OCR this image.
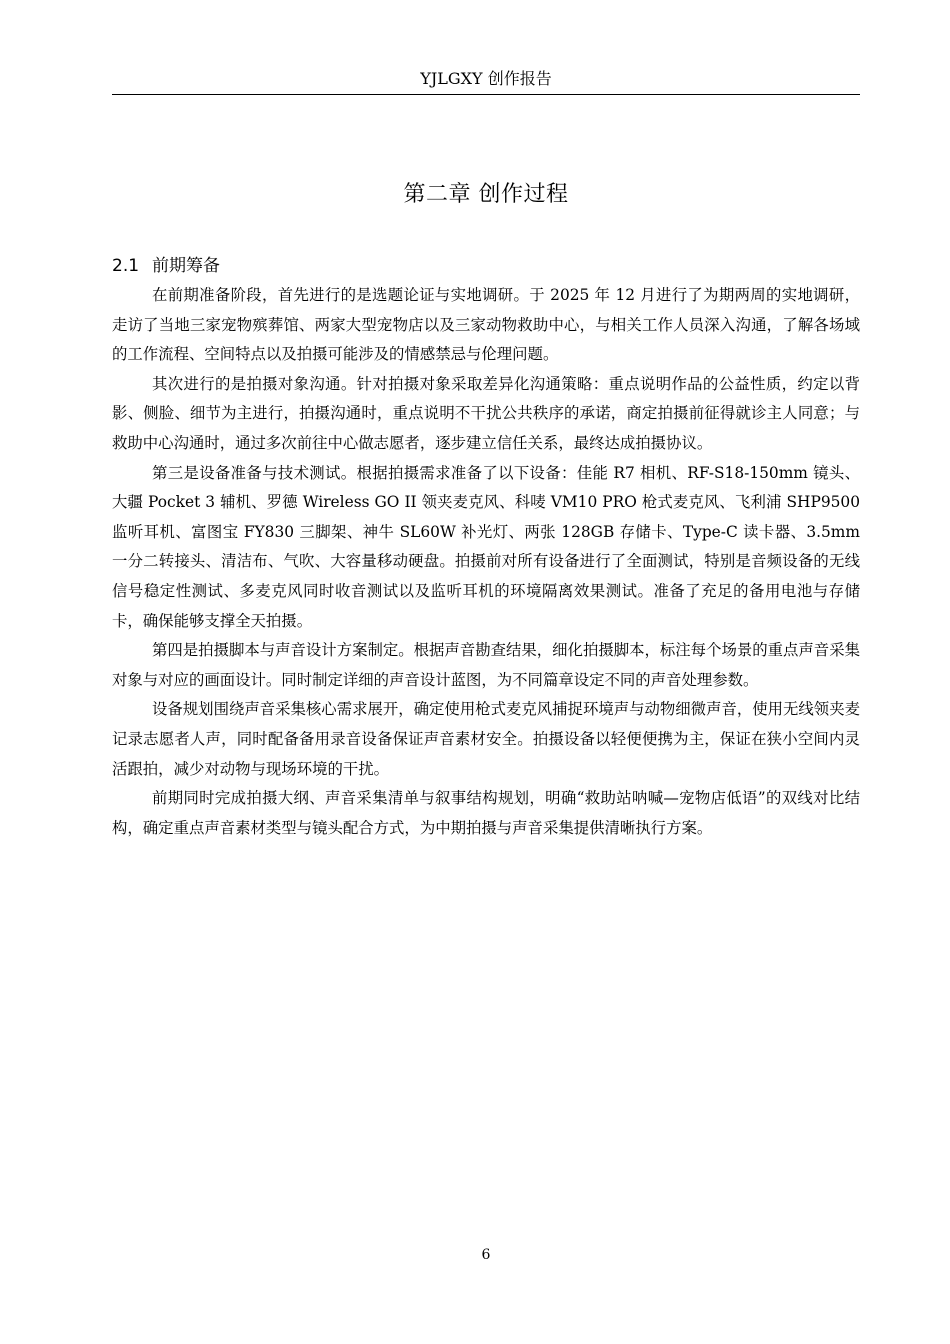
YJLGXY 创作报告
第二章 创作过程
2.1 前期筹备

在前期准备阶段，首先进行的是选题论证与实地调研。于 2025 年 12 月进行了为期两周的实地调研，走访了当地三家宠物殡葬馆、两家大型宠物店以及三家动物救助中心，与相关工作人员深入沟通，了解各场域的工作流程、空间特点以及拍摄可能涉及的情感禁忌与伦理问题。

其次进行的是拍摄对象沟通。针对拍摄对象采取差异化沟通策略：重点说明作品的公益性质，约定以背影、侧脸、细节为主进行，拍摄沟通时，重点说明不干扰公共秩序的承诺，商定拍摄前征得就诊主人同意；与救助中心沟通时，通过多次前往中心做志愿者，逐步建立信任关系，最终达成拍摄协议。

第三是设备准备与技术测试。根据拍摄需求准备了以下设备：佳能 R7 相机、RF-S18-150mm 镜头、大疆 Pocket 3 辅机、罗德 Wireless GO II 领夹麦克风、科唛 VM10 PRO 枪式麦克风、飞利浦 SHP9500 监听耳机、富图宝 FY830 三脚架、神牛 SL60W 补光灯、两张 128GB 存储卡、Type-C 读卡器、3.5mm 一分二转接头、清洁布、气吹、大容量移动硬盘。拍摄前对所有设备进行了全面测试，特别是音频设备的无线信号稳定性测试、多麦克风同时收音测试以及监听耳机的环境隔离效果测试。准备了充足的备用电池与存储卡，确保能够支撑全天拍摄。

第四是拍摄脚本与声音设计方案制定。根据声音勘查结果，细化拍摄脚本，标注每个场景的重点声音采集对象与对应的画面设计。同时制定详细的声音设计蓝图，为不同篇章设定不同的声音处理参数。

设备规划围绕声音采集核心需求展开，确定使用枪式麦克风捕捉环境声与动物细微声音，使用无线领夹麦记录志愿者人声，同时配备备用录音设备保证声音素材安全。拍摄设备以轻便便携为主，保证在狭小空间内灵活跟拍，减少对动物与现场环境的干扰。

前期同时完成拍摄大纲、声音采集清单与叙事结构规划，明确“救助站呐喊—宠物店低语”的双线对比结构，确定重点声音素材类型与镜头配合方式，为中期拍摄与声音采集提供清晰执行方案。

6
